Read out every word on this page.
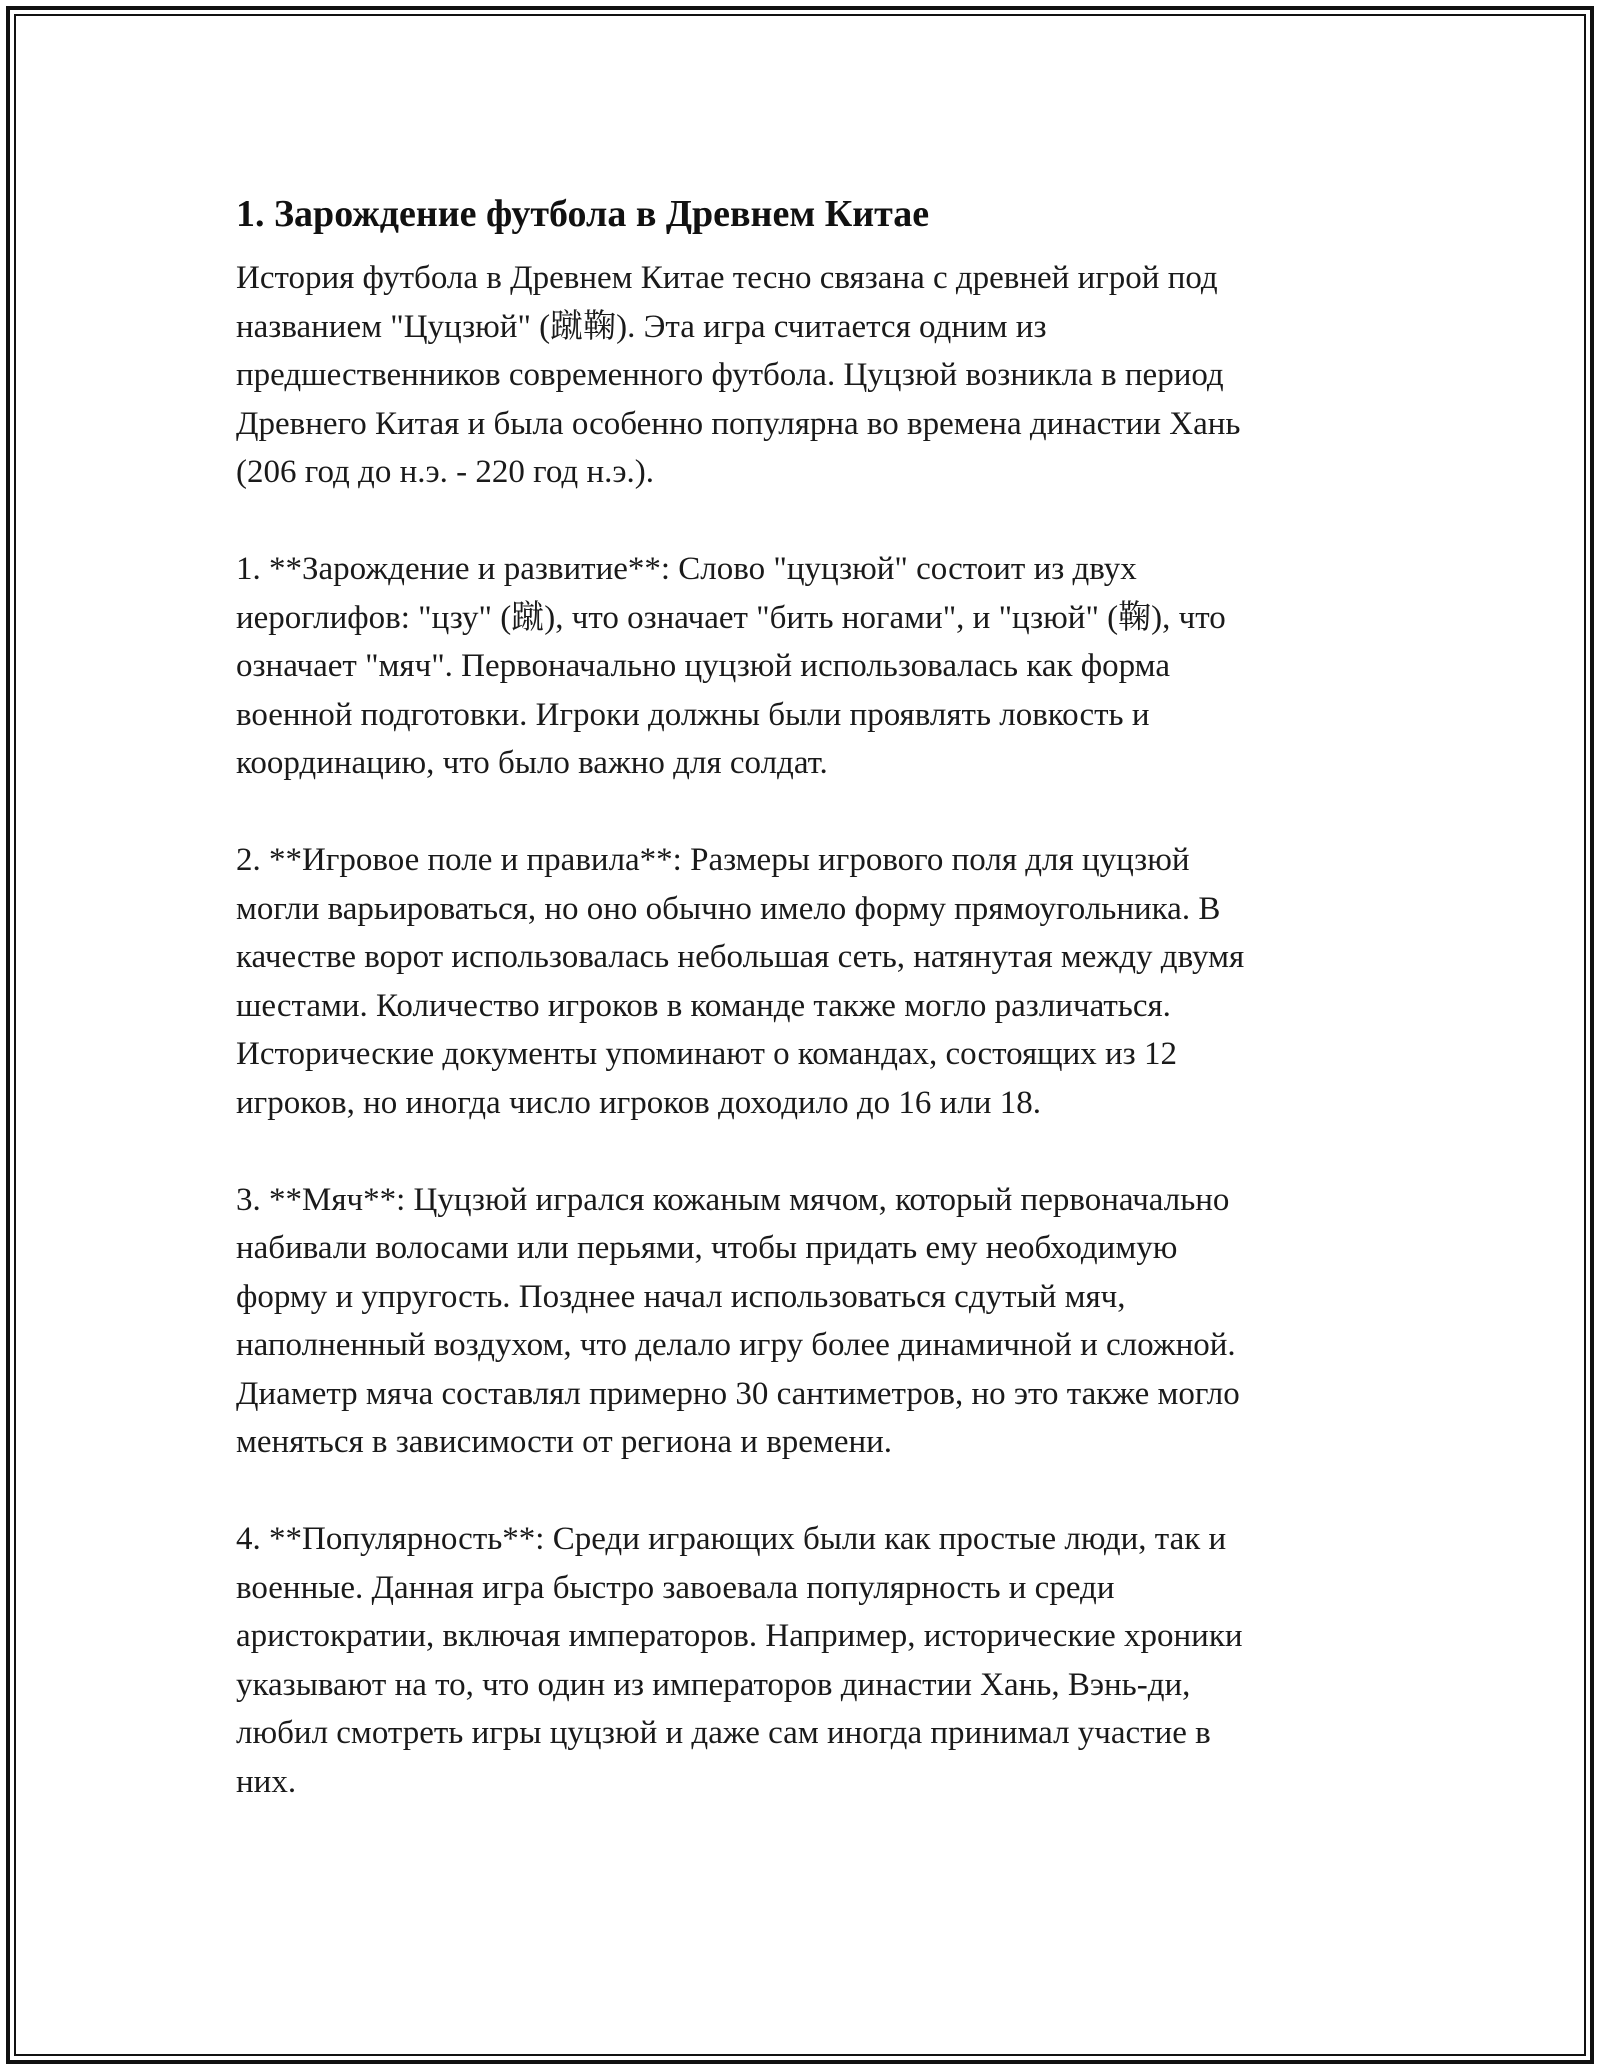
1. Зарождение футбола в Древнем Китае

История футбола в Древнем Китае тесно связана с древней игрой под
названием "Цуцзюй" (蹴鞠). Эта игра считается одним из
предшественников современного футбола. Цуцзюй возникла в период
Древнего Китая и была особенно популярна во времена династии Хань
(206 год до н.э. - 220 год н.э.).

1. **Зарождение и развитие**: Слово "цуцзюй" состоит из двух
иероглифов: "цзу" (蹴), что означает "бить ногами", и "цзюй" (鞠), что
означает "мяч". Первоначально цуцзюй использовалась как форма
военной подготовки. Игроки должны были проявлять ловкость и
координацию, что было важно для солдат.

2. **Игровое поле и правила**: Размеры игрового поля для цуцзюй
могли варьироваться, но оно обычно имело форму прямоугольника. В
качестве ворот использовалась небольшая сеть, натянутая между двумя
шестами. Количество игроков в команде также могло различаться.
Исторические документы упоминают о командах, состоящих из 12
игроков, но иногда число игроков доходило до 16 или 18.

3. **Мяч**: Цуцзюй игрался кожаным мячом, который первоначально
набивали волосами или перьями, чтобы придать ему необходимую
форму и упругость. Позднее начал использоваться сдутый мяч,
наполненный воздухом, что делало игру более динамичной и сложной.
Диаметр мяча составлял примерно 30 сантиметров, но это также могло
меняться в зависимости от региона и времени.

4. **Популярность**: Среди играющих были как простые люди, так и
военные. Данная игра быстро завоевала популярность и среди
аристократии, включая императоров. Например, исторические хроники
указывают на то, что один из императоров династии Хань, Вэнь-ди,
любил смотреть игры цуцзюй и даже сам иногда принимал участие в
них.
